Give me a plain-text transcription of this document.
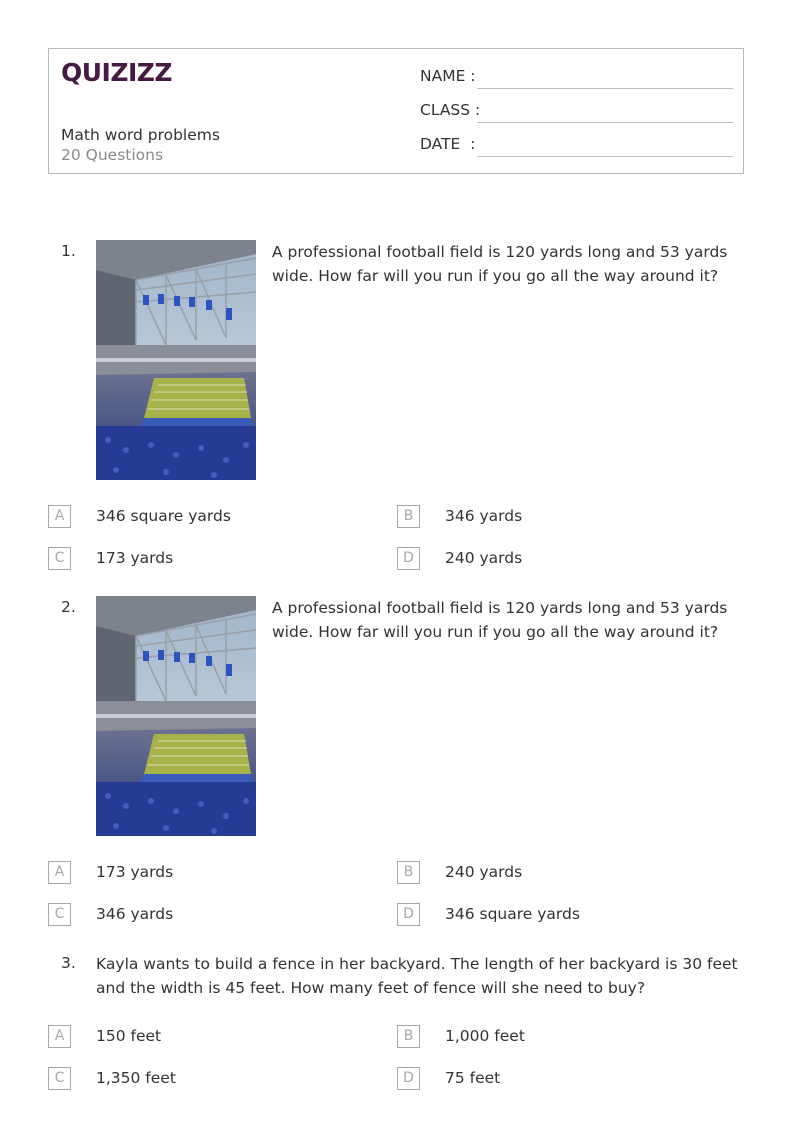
QUIZIZZ
Math word problems
20 Questions
NAME :
CLASS :
DATE  :
1.	A professional football field is 120 yards long and 53 yards wide. How far will you run if you go all the way around it?
A	346 square yards	B	346 yards
C	173 yards	D	240 yards
2.	A professional football field is 120 yards long and 53 yards wide. How far will you run if you go all the way around it?
A	173 yards	B	240 yards
C	346 yards	D	346 square yards
3. Kayla wants to build a fence in her backyard. The length of her backyard is 30 feet and the width is 45 feet. How many feet of fence will she need to buy?
A	150 feet	B	1,000 feet
C	1,350 feet	D	75 feet
